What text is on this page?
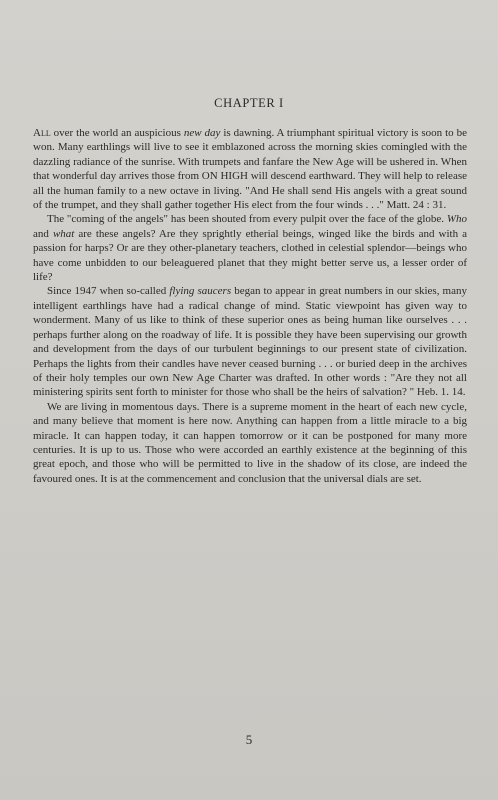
CHAPTER I

All over the world an auspicious new day is dawning. A triumphant spiritual victory is soon to be won. Many earthlings will live to see it emblazoned across the morning skies comingled with the dazzling radiance of the sunrise. With trumpets and fanfare the New Age will be ushered in. When that wonderful day arrives those from ON HIGH will descend earthward. They will help to release all the human family to a new octave in living. "And He shall send His angels with a great sound of the trumpet, and they shall gather together His elect from the four winds . . ." Matt. 24 : 31.

The "coming of the angels" has been shouted from every pulpit over the face of the globe. Who and what are these angels? Are they sprightly etherial beings, winged like the birds and with a passion for harps? Or are they other-planetary teachers, clothed in celestial splendor—beings who have come unbidden to our beleaguered planet that they might better serve us, a lesser order of life?

Since 1947 when so-called flying saucers began to appear in great numbers in our skies, many intelligent earthlings have had a radical change of mind. Static viewpoint has given way to wonderment. Many of us like to think of these superior ones as being human like ourselves . . . perhaps further along on the roadway of life. It is possible they have been supervising our growth and development from the days of our turbulent beginnings to our present state of civilization. Perhaps the lights from their candles have never ceased burning . . . or buried deep in the archives of their holy temples our own New Age Charter was drafted. In other words : "Are they not all ministering spirits sent forth to minister for those who shall be the heirs of salvation? " Heb. 1. 14.

We are living in momentous days. There is a supreme moment in the heart of each new cycle, and many believe that moment is here now. Anything can happen from a little miracle to a big miracle. It can happen today, it can happen tomorrow or it can be postponed for many more centuries. It is up to us. Those who were accorded an earthly existence at the beginning of this great epoch, and those who will be permitted to live in the shadow of its close, are indeed the favoured ones. It is at the commencement and conclusion that the universal dials are set.

5
